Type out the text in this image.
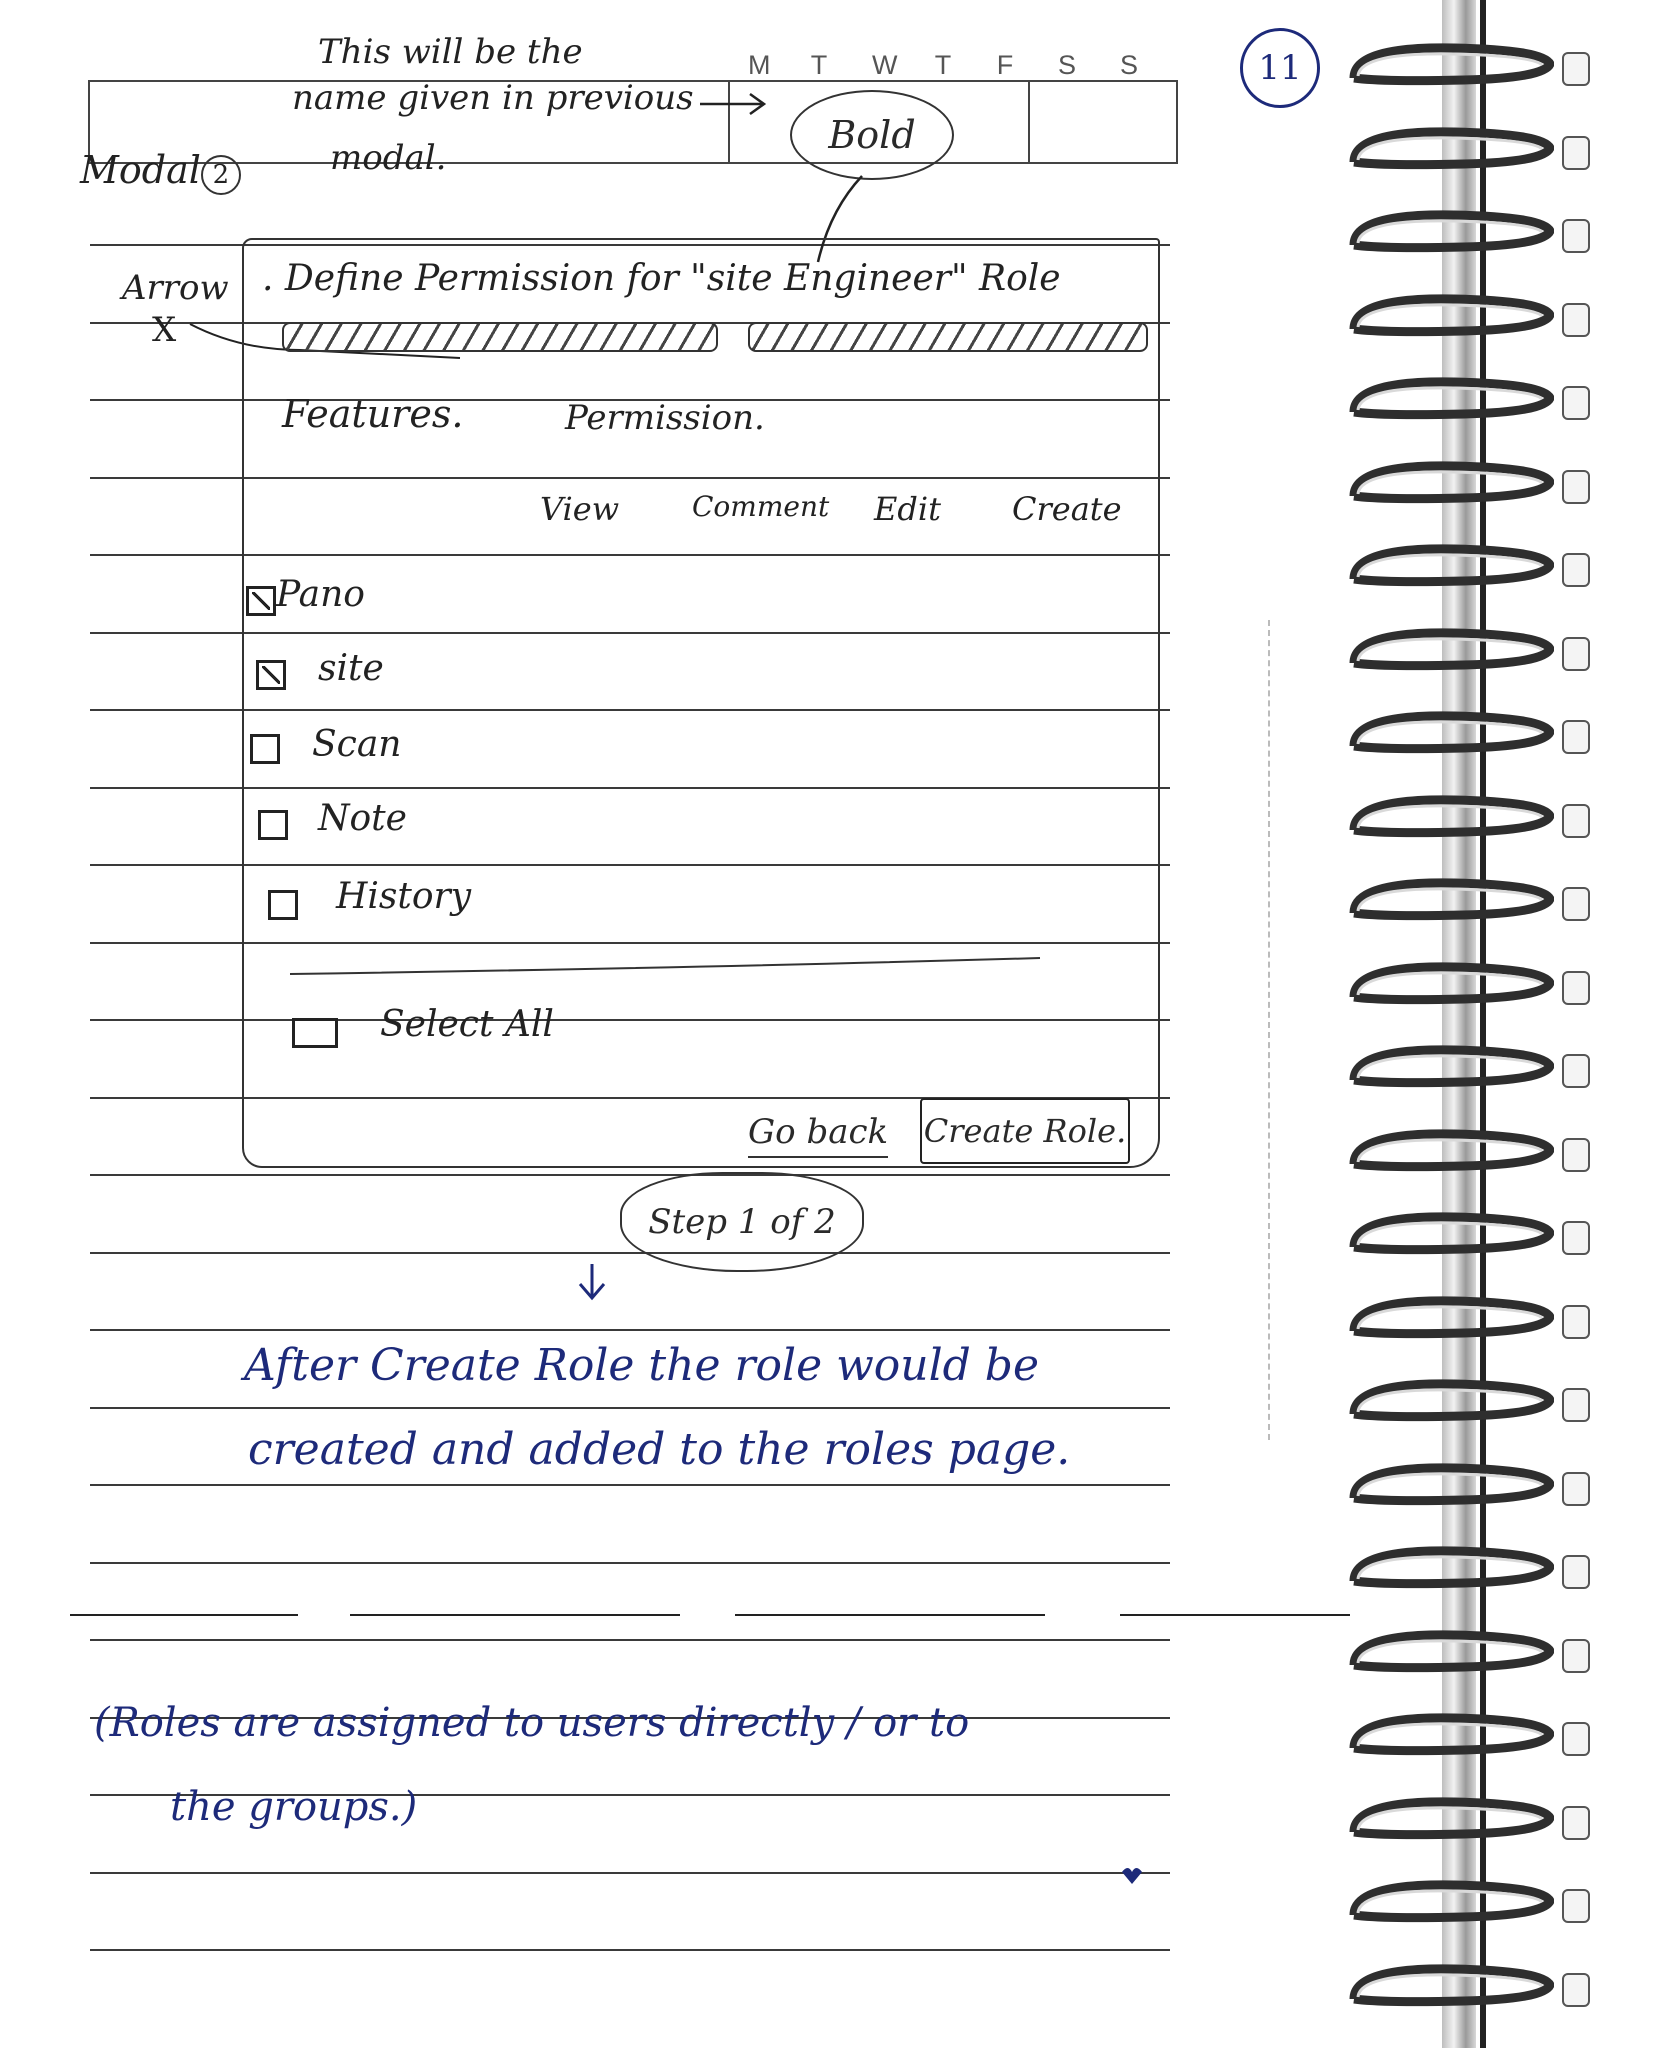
M T W T F S S	11
This will be the
name given in previous
modal.
Modal 2
Bold
Arrow
X
. Define Permission for "site Engineer" Role
Features.	Permission.
View	Comment Edit Create
Pano
site
Scan
Note
History
Select All
Go back Create Role.
Step 1 of 2
After Create Role the role would be
created and added to the roles page.
(Roles are assigned to users directly / or to
the groups.)
